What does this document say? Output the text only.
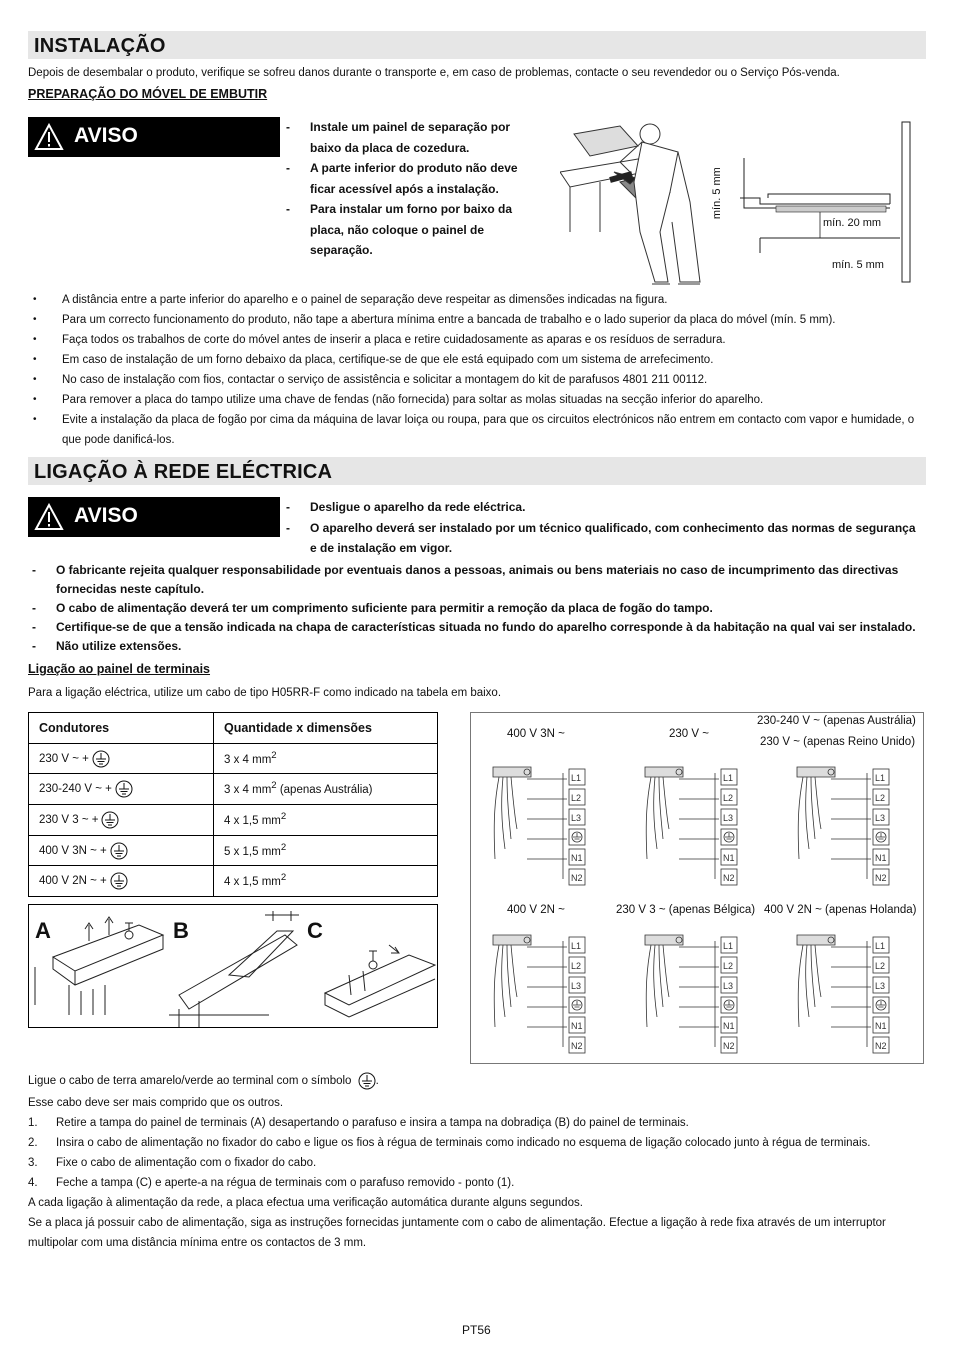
INSTALAÇÃO
Depois de desembalar o produto, verifique se sofreu danos durante o transporte e, em caso de problemas, contacte o seu revendedor ou o Serviço Pós-venda.
PREPARAÇÃO DO MÓVEL DE EMBUTIR
AVISO	- Instale um painel de separação por baixo da placa de cozedura.
- A parte inferior do produto não deve ficar acessível após a instalação.
- Para instalar um forno por baixo da placa, não coloque o painel de separação.
mín. 5 mm
mín. 20 mm
mín. 5 mm
• A distância entre a parte inferior do aparelho e o painel de separação deve respeitar as dimensões indicadas na figura.
• Para um correcto funcionamento do produto, não tape a abertura mínima entre a bancada de trabalho e o lado superior da placa do móvel (mín. 5 mm).
• Faça todos os trabalhos de corte do móvel antes de inserir a placa e retire cuidadosamente as aparas e os resíduos de serradura.
• Em caso de instalação de um forno debaixo da placa, certifique-se de que ele está equipado com um sistema de arrefecimento.
• No caso de instalação com fios, contactar o serviço de assistência e solicitar a montagem do kit de parafusos 4801 211 00112.
• Para remover a placa do tampo utilize uma chave de fendas (não fornecida) para soltar as molas situadas na secção inferior do aparelho.
• Evite a instalação da placa de fogão por cima da máquina de lavar loiça ou roupa, para que os circuitos electrónicos não entrem em contacto com vapor e humidade, o que pode danificá-los.
LIGAÇÃO À REDE ELÉCTRICA
AVISO	- Desligue o aparelho da rede eléctrica.
- O aparelho deverá ser instalado por um técnico qualificado, com conhecimento das normas de segurança e de instalação em vigor.
- O fabricante rejeita qualquer responsabilidade por eventuais danos a pessoas, animais ou bens materiais no caso de incumprimento das directivas fornecidas neste capítulo.
- O cabo de alimentação deverá ter um comprimento suficiente para permitir a remoção da placa de fogão do tampo.
- Certifique-se de que a tensão indicada na chapa de características situada no fundo do aparelho corresponde à da habitação na qual vai ser instalado.
- Não utilize extensões.
Ligação ao painel de terminais
Para a ligação eléctrica, utilize um cabo de tipo H05RR-F como indicado na tabela em baixo.
Condutores	Quantidade x dimensões
230 V ~ +	3 x 4 $mm^2$
230-240 V ~ +	3 x 4 $mm^2$ (apenas Austrália)
230 V 3 ~ +	4 x 1,5 $mm^2$
400 V 3N ~ +	5 x 1,5 $mm^2$
400 V 2N ~ +	4 x 1,5 $mm^2$
A	B	C
400 V 3N ~	230 V ~
230-240 V ~ (apenas Austrália)
230 V ~ (apenas Reino Unido)
400 V 2N ~	230 V 3 ~ (apenas Bélgica) 400 V 2N ~ (apenas Holanda)
Ligue o cabo de terra amarelo/verde ao terminal com o símbolo .
Esse cabo deve ser mais comprido que os outros.
1. Retire a tampa do painel de terminais (A) desapertando o parafuso e insira a tampa na dobradiça (B) do painel de terminais.
2. Insira o cabo de alimentação no fixador do cabo e ligue os fios à régua de terminais como indicado no esquema de ligação colocado junto à régua de terminais.
3. Fixe o cabo de alimentação com o fixador do cabo.
4. Feche a tampa (C) e aperte-a na régua de terminais com o parafuso removido - ponto (1).
A cada ligação à alimentação da rede, a placa efectua uma verificação automática durante alguns segundos.
Se a placa já possuir cabo de alimentação, siga as instruções fornecidas juntamente com o cabo de alimentação. Efectue a ligação à rede fixa através de um interruptor multipolar com uma distância mínima entre os contactos de 3 mm.
PT56
